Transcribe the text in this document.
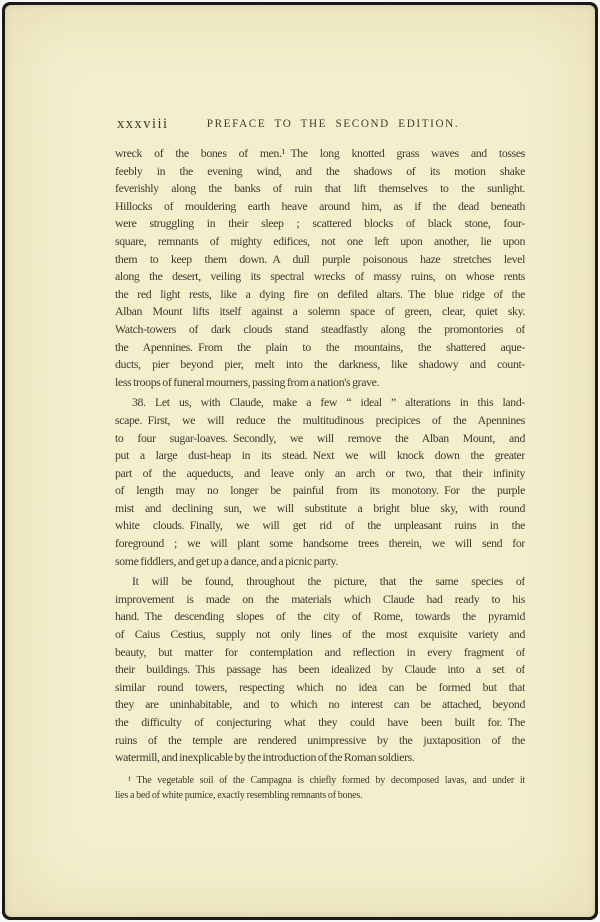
xxxviii	PREFACE TO THE SECOND EDITION.
wreck of the bones of men.¹ The long knotted grass waves and tosses
feebly in the evening wind, and the shadows of its motion shake
feverishly along the banks of ruin that lift themselves to the sunlight.
Hillocks of mouldering earth heave around him, as if the dead beneath
were struggling in their sleep ; scattered blocks of black stone, four-
square, remnants of mighty edifices, not one left upon another, lie upon
them to keep them down. A dull purple poisonous haze stretches level
along the desert, veiling its spectral wrecks of massy ruins, on whose rents
the red light rests, like a dying fire on defiled altars. The blue ridge of the
Alban Mount lifts itself against a solemn space of green, clear, quiet sky.
Watch-towers of dark clouds stand steadfastly along the promontories of
the Apennines. From the plain to the mountains, the shattered aque-
ducts, pier beyond pier, melt into the darkness, like shadowy and count-
less troops of funeral mourners, passing from a nation's grave.
38. Let us, with Claude, make a few “ ideal ” alterations in this land-
scape. First, we will reduce the multitudinous precipices of the Apennines
to four sugar-loaves. Secondly, we will remove the Alban Mount, and
put a large dust-heap in its stead. Next we will knock down the greater
part of the aqueducts, and leave only an arch or two, that their infinity
of length may no longer be painful from its monotony. For the purple
mist and declining sun, we will substitute a bright blue sky, with round
white clouds. Finally, we will get rid of the unpleasant ruins in the
foreground ; we will plant some handsome trees therein, we will send for
some fiddlers, and get up a dance, and a picnic party.
It will be found, throughout the picture, that the same species of
improvement is made on the materials which Claude had ready to his
hand. The descending slopes of the city of Rome, towards the pyramid
of Caius Cestius, supply not only lines of the most exquisite variety and
beauty, but matter for contemplation and reflection in every fragment of
their buildings. This passage has been idealized by Claude into a set of
similar round towers, respecting which no idea can be formed but that
they are uninhabitable, and to which no interest can be attached, beyond
the difficulty of conjecturing what they could have been built for. The
ruins of the temple are rendered unimpressive by the juxtaposition of the
watermill, and inexplicable by the introduction of the Roman soldiers.
¹ The vegetable soil of the Campagna is chiefly formed by decomposed lavas, and under it
lies a bed of white pumice, exactly resembling remnants of bones.
